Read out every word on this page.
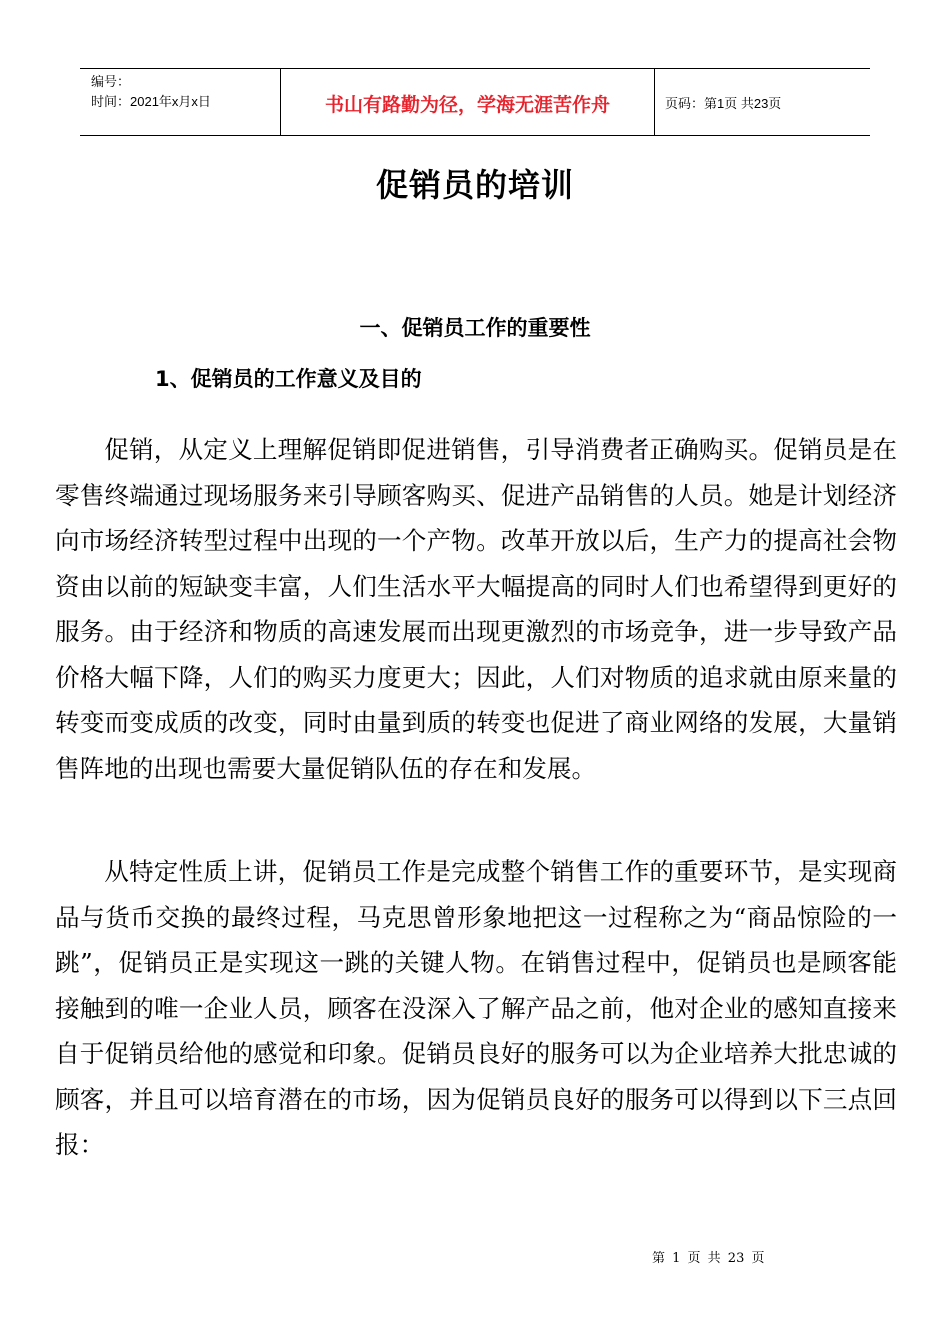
编号：
时间：2021年x月x日	书山有路勤为径，学海无涯苦作舟	页码：第1页 共23页
促销员的培训
一、促销员工作的重要性
1、促销员的工作意义及目的

促销，从定义上理解促销即促进销售，引导消费者正确购买。促销员是在零售终端通过现场服务来引导顾客购买、促进产品销售的人员。她是计划经济向市场经济转型过程中出现的一个产物。改革开放以后，生产力的提高社会物资由以前的短缺变丰富，人们生活水平大幅提高的同时人们也希望得到更好的服务。由于经济和物质的高速发展而出现更激烈的市场竞争，进一步导致产品价格大幅下降，人们的购买力度更大；因此，人们对物质的追求就由原来量的转变而变成质的改变，同时由量到质的转变也促进了商业网络的发展，大量销售阵地的出现也需要大量促销队伍的存在和发展。

从特定性质上讲，促销员工作是完成整个销售工作的重要环节，是实现商品与货币交换的最终过程，马克思曾形象地把这一过程称之为“商品惊险的一跳”，促销员正是实现这一跳的关键人物。在销售过程中，促销员也是顾客能接触到的唯一企业人员，顾客在没深入了解产品之前，他对企业的感知直接来自于促销员给他的感觉和印象。促销员良好的服务可以为企业培养大批忠诚的顾客，并且可以培育潜在的市场，因为促销员良好的服务可以得到以下三点回报：

第 1 页 共 23 页
